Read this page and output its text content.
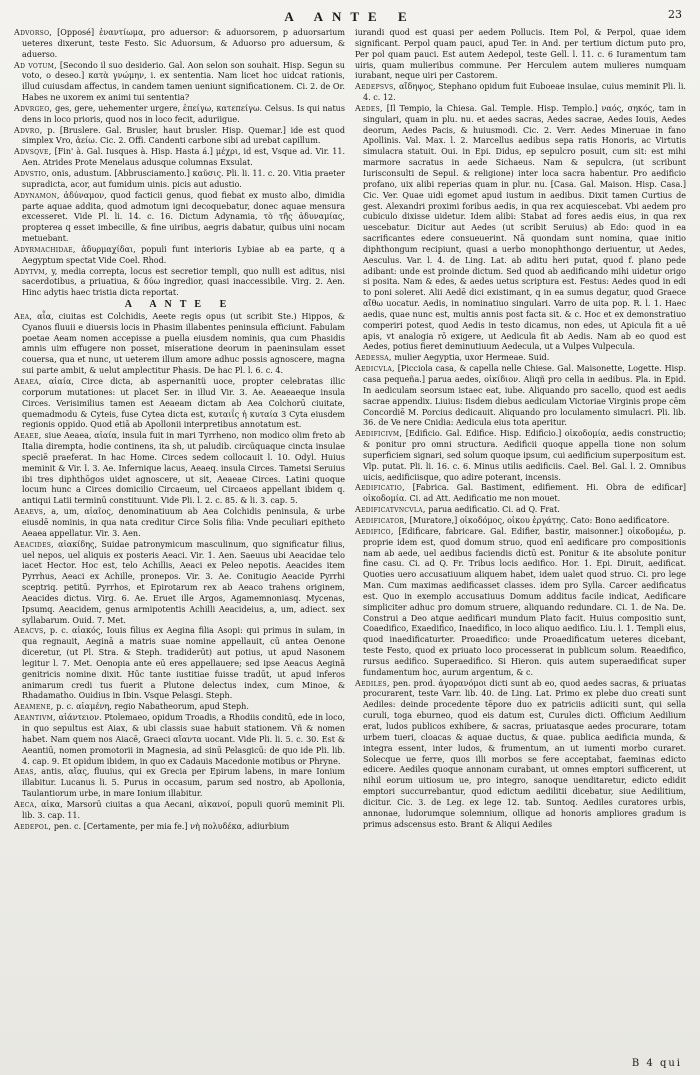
A ANTE E	23

Advorso, [Opposé] ἐναντίωμα, pro aduersor: & aduorsorem, p aduorsarium ueteres dixerunt, teste Festo. Sic Aduorsum, & Aduorso pro aduersum, & aduerso.

Ad votum, [Secondo il suo desiderio. Gal. Aon selon son souhait. Hisp. Segun su voto, o deseo.] κατὰ γνώμην, i. ex sententia. Nam licet hoc uidcat rationis, illud cuiusdam affectus, in candem tamen ueniunt significationem. Ci. 2. de Or. Habes ne uxorem ex animi tui sententia?

Advrgeo, ges, gere, uehementer urgere, ἐπείγω, κατεπείγω. Celsus. Is qui natus dens in loco prioris, quod nos in loco fecit, aduriigue.

Advro, p. [Bruslere. Gal. Brusler, haut brusler. Hisp. Quemar.] ide est quod simplex Vro, ἀείω. Cic. 2. Offi. Candenti carbone sibi ad urebat capillum.

Advsqve, [Fin' à. Gal. Iusques à. Hisp. Hasta á.] μέχρι, id est, Vsque ad. Vir. 11. Aen. Atrides Prote Menelaus adusque columnas Exsulat.

Advstio, onis, adustum. [Abbrusciamento.] καῦσις. Pli. li. 11. c. 20. Vitia praeter supradicta, acor, aut fumidum uinis. picis aut adustio.

Adynamon, ἀδύναμον, quod facticii genus, quod fiebat ex musto albo, dimidia parte aquae addita, quod admotum igni decoquebatur, donec aquae mensura excesseret. Vide Pl. li. 14. c. 16. Dictum Adynamia, τὸ τῆς ἀδυναμίας, propterea q esset imbecille, & fine uiribus, aegris dabatur, quibus uini nocam metuebant.

Adyrmachidae, ἀδυρμαχίδαι, populi funt interioris Lybiae ab ea parte, q a Aegyptum spectat Vide Coel. Rhod.

Adytvm, y, media correpta, locus est secretior templi, quo nulli est aditus, nisi sacerdotibus, a priuatiua, & δύω ingredior, quasi inaccessibile. Virg. 2. Aen. Hinc adytis haec tristia dicta reportat.

A ANTE E

Aea, αἶα, ciuitas est Colchidis, Aeete regis opus (ut scribit Ste.) Hippos, & Cyanos fluuii e diuersis locis in Phasim illabentes peninsula efficiunt. Fabulam poetae Aeam nomen accepisse a puella eiusdem nominis, qua cum Phasidis amnis uim effugere non posset, miseratione deorum in paeninsulam esset couersa, qua et nunc, ut ueterem illum amore adhuc possis agnoscere, magna sui parte ambit, & uelut amplectitur Phasis. De hac Pl. l. 6. c. 4.

Aeaea, αἰαία, Circe dicta, ab aspernanitü uoce, propter celebratas illic corporum mutationes: ut placet Ser. in illud Vir. 3. Ae. Aeaeaeque insula Circes. Verisimilius tamen est Aeaeam dictam ab Aea Colchorū ciuitate, quemadmodu & Cyteis, fuse Cytea dicta est, κυταιΐς ἡ κυταία 3 Cyta eiusdem regionis oppido. Quod etiā ab Apollonii interpretibus annotatum est.

Aeaee, siue Aeaea, αἰαία, insula fuit in mari Tyrrheno, non modico olim freto ab Italia dirempta, hodie continens, ita sh, ut paludib. circūquaque cincta insulae speciē praeferat. In hac Home. Circes sedem collocauit l. 10. Odyl. Huius meminit & Vir. l. 3. Ae. Infernique lacus, Aeaeq. insula Circes. Tametsi Seruius ibi tres diphthōgos uidet agnoscere, ut sit, Aeaeae Circes. Latini quoque locum hunc a Circes domicilio Circaeum, uel Circaeos appellant ibidem q. antiqui Latii terminū constituunt. Vide Pli. l. 2. c. 85. & li. 3. cap. 5.

Aeaevs, a, um, αἰαῖος, denominatiuum ab Aea Colchidis peninsula, & urbe eiusdē nominis, in qua nata creditur Circe Solis filia: Vnde peculiari epitheto Aeaea appellatur. Vir. 3. Aen.

Aeacides, αἰακίδης, Suidae patronymicum masculinum, quo significatur filius, uel nepos, uel aliquis ex posteris Aeaci. Vir. 1. Aen. Saeuus ubi Aeacidae telo iacet Hector. Hoc est, telo Achillis, Aeaci ex Peleo nepotis. Aeacides item Pyrrhus, Aeaci ex Achille, pronepos. Vir. 3. Ae. Conitugio Aeacide Pyrrhi sceptriq. petitū. Pyrrhos, et Epirotarum rex ab Aeaco trahens originem, Aeacides dictus. Virg. 6. Ae. Eruet ille Argos, Agamemnoniasq. Mycenas, Ipsumq. Aeacidem, genus armipotentis Achilli Aeacideius, a, um, adiect. sex syllabarum. Ouid. 7. Met.

Aeacvs, p. c. αἰακός, Iouis filius ex Aegina filia Asopi: qui primus in sulam, in qua regnauit, Aeginā a matris suae nomine appellauit, cū antea Oenone diceretur, (ut Pl. Stra. & Steph. tradiderūt) aut potius, ut apud Nasonem legitur l. 7. Met. Oenopia ante eū eres appellauere; sed ipse Aeacus Aeginā genitricis nomine dixit. Hūc tante iustitiae fuisse tradūt, ut apud inferos animarum credi tus fuerit a Plutone delectus index, cum Minoe, & Rhadamatho. Ouidius in Ibin. Vsque Pelasgi. Steph.

Aeamene, p. c. αἰαμένη, regio Nabatheorum, apud Steph.

Aeantivm, αἰάντειον. Ptolemaeo, opidum Troadis, a Rhodiis conditū, ede in loco, in quo sepultus est Aiax, & ubi classis suae habuit stationem. Vñ & nomen habet. Nam quem nos Aiacē, Graeci αἴαντα uocant. Vide Pli. li. 5. c. 30. Est & Aeantiū, nomen promotorii in Magnesia, ad sinū Pelasgicū: de quo ide Pli. lib. 4. cap. 9. Et opidum ibidem, in quo ex Cadauis Macedonie motibus or Phryne.

Aeas, antis, αἴας, fluuius, qui ex Grecia per Epirum labens, in mare Ionium illabitur. Lucanus li. 5. Purus in occasum, parum sed nostro, ab Apollonia, Taulantiorum urbe, in mare Ionium illabitur.

Aeca, αἰκα, Marsorū ciuitas a qua Aecani, αἰκανοί, populi quorū meminit Pli. lib. 3. cap. 11.

Aedepol, pen. c. [Certamente, per mia fe.] νὴ πολυδέκα, adiurbium

iurandi quod est quasi per aedem Pollucis. Item Pol, & Perpol, quae idem significant. Perpol quam pauci, apud Ter. in And. per tertium dictum puto pro, Per pol quam pauci. Est autem Aedepol, teste Gell. l. 11. c. 6 Iuramentum tam uiris, quam mulieribus commune. Per Herculem autem mulieres numquam iurabant, neque uiri per Castorem.

Aedepsvs, αἴδηψος, Stephano opidum fuit Euboeae insulae, cuius meminit Pli. li. 4. c. 12.

Aedes, [Il Tempio, la Chiesa. Gal. Temple. Hisp. Templo.] ναός, σηκός, tam in singulari, quam in plu. nu. et aedes sacras, Aedes sacrae, Aedes Iouis, Aedes deorum, Aedes Pacis, & huiusmodi. Cic. 2. Verr. Aedes Mineruae in fano Apollinis. Val. Max. l. 2. Marcellus aedibus sepa ratis Honoris, ac Virtutis simulacra statuit. Oui. in Epi. Didus, ep sepulcro posuit, cum sit: est mihi marmore sacratus in aede Sichaeus. Nam & sepulcra, (ut scribunt Iurisconsulti de Sepul. & religione) inter loca sacra habentur. Pro aedificio profano, uix alibi reperias quam in plur. nu. [Casa. Gal. Maison. Hisp. Casa.] Cic. Ver. Quae uidi egomet apud iustum in aedibus. Dixit tamen Curtius de gest. Alexandri proximi foribus aedis, in qua rex acquiescebat. Vbi aedem pro cubiculo dixisse uidetur. Idem alibi: Stabat ad fores aedis eius, in qua rex uescebatur. Dicitur aut Aedes (ut scribit Seruius) ab Edo: quod in ea sacrificantes edere consueuerint. Nā quondam sunt nomina, quae initio diphthongum recipiunt, quasi a uerbo monophthongo deriuentur, ut Aedes, Aesculus. Var. l. 4. de Ling. Lat. ab aditu heri putat, quod f. plano pede adibant: unde est proinde dictum. Sed quod ab aedificando mihi uidetur origo si posita. Nam & edes, & aedes uetus scriptura est. Festus: Aedes quod in edi to poni soleret. Alii Aedē dici existimant, q in ea sumus degatur, quod Graece αἴθω uocatur. Aedis, in nominatiuo singulari. Varro de uita pop. R. l. 1. Haec aedis, quae nunc est, multis annis post facta sit. & c. Hoc et ex demonstratiuo comperiri potest, quod Aedis in testo dicamus, non edes, ut Apicula fit a uē apis, vt analogia rō exigere, ut Aedicula fit ab Aedis. Nam ab eo quod est Aedes, potius fieret deminutiuum Aedecula, ut a Vulpes Vulpecula.

Aedessa, mulier Aegyptia, uxor Hermeae. Suid.

Aedicvla, [Picciola casa, & capella nelle Chiese. Gal. Maisonette, Logette. Hisp. casa pequeña.] parua aedes, οἰκίδιον. Aliqñ pro cella in aedibus. Pla. in Epid. In aediculam seorsum istaec eat, iube. Aliquando pro sacello, quod est aedis sacrae appendix. Liuius: Iisdem diebus aediculam Victoriae Virginis prope cēm Concordiē M. Porcius dedicauit. Aliquando pro loculamento simulacri. Pli. lib. 36. de Ve nere Cnidia: Aedicula eius tota aperitur.

Aedificivm, [Edificio. Gal. Edifice. Hisp. Edificio.] οἰκοδομία, aedis constructio; & ponitur pro omni structura. Aedificii quoque appella tione non solum superficiem signari, sed solum quoque ipsum, cui aedificium superpositum est. Vlp. putat. Pli. li. 16. c. 6. Minus utilis aedificiis. Cael. Bel. Gal. l. 2. Omnibus uicis, aedificiisque, quo adire poterant, incensis.

Aedificatio, [Fabrica. Gal. Bastiment, edifiement. Hi. Obra de edificar] οἰκοδομία. Ci. ad Att. Aedificatio me non mouet.

Aedificatvncvla, parua aedificatio. Ci. ad Q. Frat.

Aedificator, [Muratore,] οἰκοδόμος, οἰκου ἐργάτης. Cato: Bono aedificatore.

Aedifico, [Edificare, fabricare. Gal. Edifier, bastir, maisonner.] οἰκοδομέω, p. proprie idem est, quod domum struo, quod enī aedificare pro compositionis nam ab aede, uel aedibus faciendis dictū est. Ponitur & ite absolute ponitur fine casu. Ci. ad Q. Fr. Tribus locis aedifico. Hor. 1. Epi. Diruit, aedificat. Quoties uero accusatiuum aliquem habet, idem ualet quod struo. Ci. pro lege Man. Cum maximas aedificasset classes. idem pro Sylla. Carcer aedificatus est. Quo in exemplo accusatiuus Domum additus facile indicat, Aedificare simpliciter adhuc pro domum struere, aliquando redundare. Ci. 1. de Na. De. Construi a Deo atque aedificari mundum Plato facit. Huius compositio sunt, Coaedifico, Exaedifico, Inaedifico, in loco aliquo aedifico. Liu. l. 1. Templi eius, quod inaedificaturter. Proaedifico: unde Proaedificatum ueteres dicebant, teste Festo, quod ex priuato loco processerat in publicum solum. Reaedifico, rursus aedifico. Superaedifico. Si Hieron. quis autem superaedificat super fundamentum hoc, aurum argentum, & c.

Aediles, pen. prod. ἀγορανόμοι dicti sunt ab eo, quod aedes sacras, & priuatas procurarent, teste Varr. lib. 40. de Ling. Lat. Primo ex plebe duo creati sunt Aediles: deinde procedente tēpore duo ex patriciis adiiciti sunt, qui sella curuli, toga eburneo, quod eis datum est, Curules dicti. Officium Aedilium erat, ludos publicos exhibere, & sacras, priuatasque aedes procurare, totam urbem tueri, cloacas & aquae ductus, & quae. publica aedificia munda, & integra essent, inter ludos, & frumentum, an ut iumenti morbo curaret. Solecque ue ferre, quos illi morbos se fere acceptabat, faeminas edicto edicere. Aediles quoque annonam curabant, ut omnes emptori sufficerent, ut nihil eorum uitiosum ue, pro integro, sanoque uenditaretur, edicto edidit emptori succurrebantur, quod edictum aedilitii dicebatur, siue Aedilitium, dicitur. Cic. 3. de Leg. ex lege 12. tab. Suntoq. Aediles curatores urbis, annonae, ludorumque solemnium, ollique ad honoris ampliores gradum is primus adscensus esto. Brant & Aliqui Aediles

B 4 qui
